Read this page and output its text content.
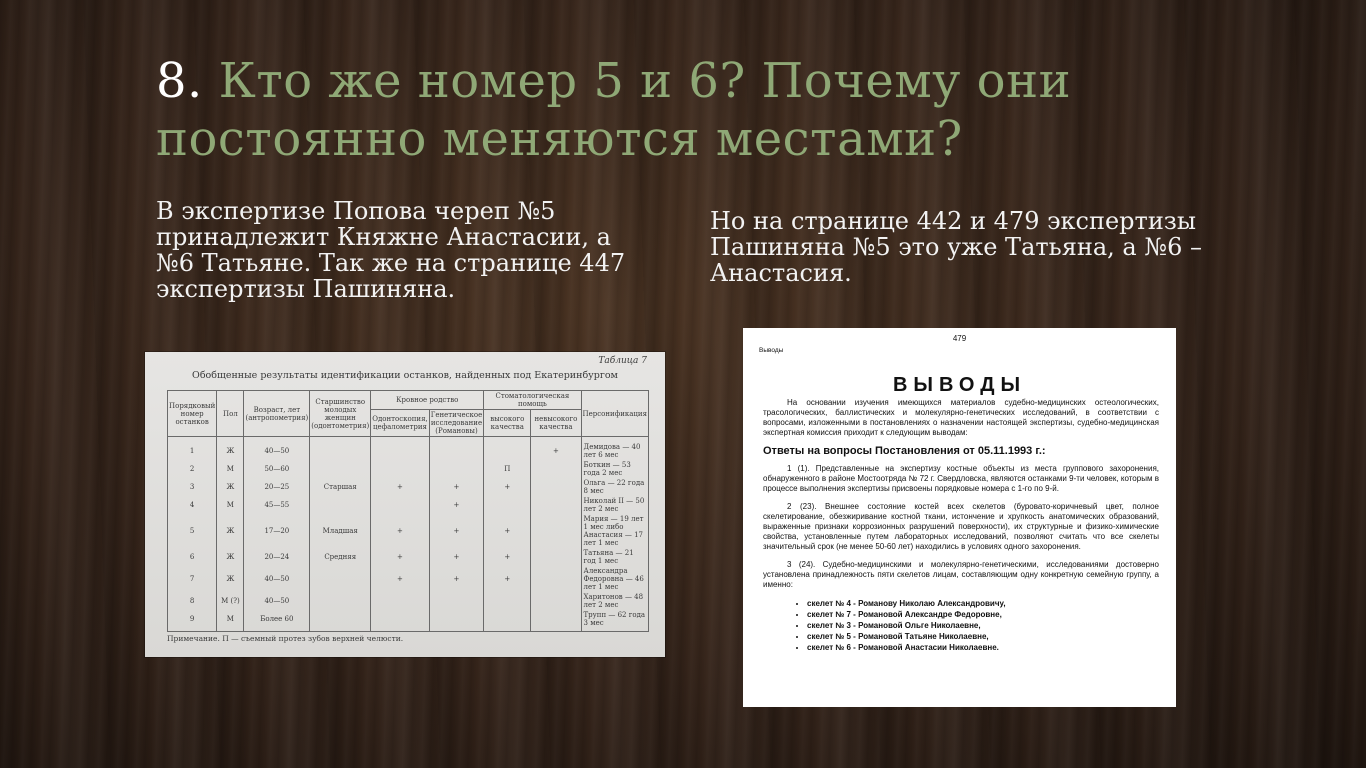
8. Кто же номер 5 и 6? Почему они постоянно меняются местами?

В экспертизе Попова череп №5 принадлежит Княжне Анастасии, а №6 Татьяне. Так же на странице 447 экспертизы Пашиняна.

Но на странице 442 и 479 экспертизы Пашиняна №5 это уже Татьяна, а №6 – Анастасия.

Таблица 7
Обобщенные результаты идентификации останков, найденных под Екатеринбургом
Порядковый номер останков	Пол	Возраст, лет (антропометрия)	Старшинство молодых женщин (одонтометрия)	Кровное родство		Стоматологическая помощь		Персонификация
				Одонтоскопия, цефалометрия	Генетическое исследование (Романовы)	высокого качества	невысокого качества	
1	Ж	40—50					+	Демидова — 40 лет 6 мес
2	М	50—60				П		Боткин — 53 года 2 мес
3	Ж	20—25	Старшая	+	+	+		Ольга — 22 года 8 мес
4	М	45—55			+			Николай II — 50 лет 2 мес
5	Ж	17—20	Младшая	+	+	+		Мария — 19 лет 1 мес либо Анастасия — 17 лет 1 мес
6	Ж	20—24	Средняя	+	+	+		Татьяна — 21 год 1 мес
7	Ж	40—50		+	+	+		Александра Федоровна — 46 лет 1 мес
8	М (?)	40—50						Харитонов — 48 лет 2 мес
9	М	Более 60						Трупп — 62 года 3 мес
Примечание. П — съемный протез зубов верхней челюсти.
479
Выводы
ВЫВОДЫ

На основании изучения имеющихся материалов судебно-медицинских остеологических, трасологических, баллистических и молекулярно-генетических исследований, в соответствии с вопросами, изложенными в постановлениях о назначении настоящей экспертизы, судебно-медицинская экспертная комиссия приходит к следующим выводам:

Ответы на вопросы Постановления от 05.11.1993 г.:

1 (1). Представленные на экспертизу костные объекты из места группового захоронения, обнаруженного в районе Мостоотряда № 72 г. Свердловска, являются останками 9-ти человек, которым в процессе выполнения экспертизы присвоены порядковые номера с 1-го по 9-й.

2 (23). Внешнее состояние костей всех скелетов (буровато-коричневый цвет, полное скелетирование, обезжиривание костной ткани, истончение и хрупкость анатомических образований, выраженные признаки коррозионных разрушений поверхности), их структурные и физико-химические свойства, установленные путем лабораторных исследований, позволяют считать что все скелеты значительный срок (не менее 50-60 лет) находились в условиях одного захоронения.

3 (24). Судебно-медицинскими и молекулярно-генетическими, исследованиями достоверно установлена принадлежность пяти скелетов лицам, составляющим одну конкретную семейную группу, а именно:

• скелет № 4 - Романову Николаю Александровичу,
• скелет № 7 - Романовой Александре Федоровне,
• скелет № 3 - Романовой Ольге Николаевне,
• скелет № 5 - Романовой Татьяне Николаевне,
• скелет № 6 - Романовой Анастасии Николаевне.
